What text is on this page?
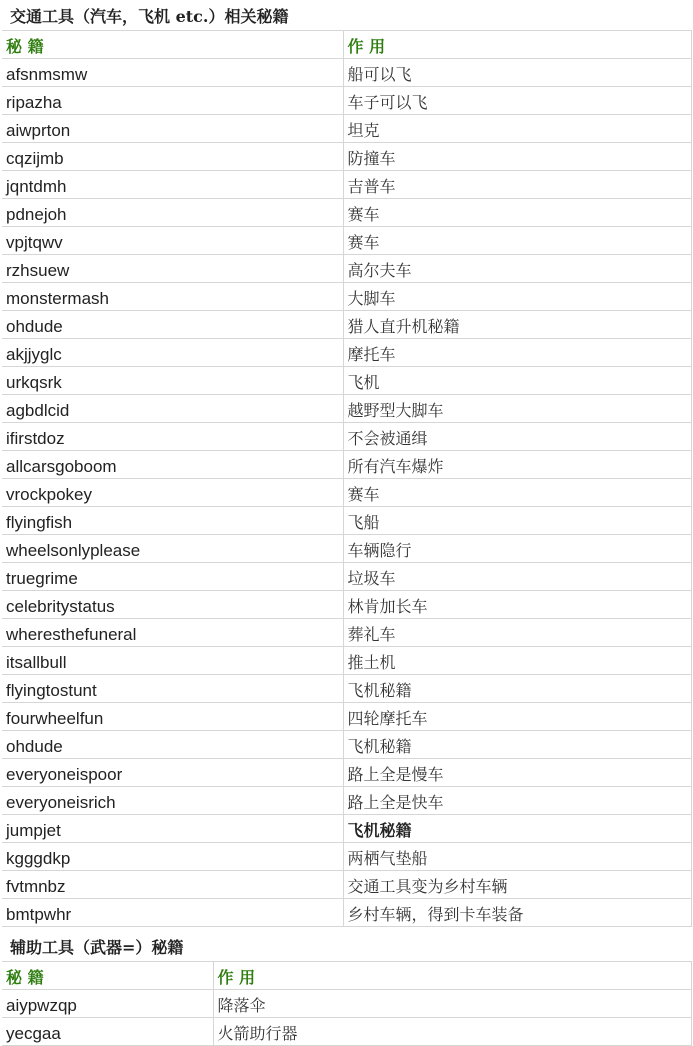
交通工具（汽车，飞机 etc.）相关秘籍
秘 籍	作 用
afsnmsmw	船可以飞
ripazha	车子可以飞
aiwprton	坦克
cqzijmb	防撞车
jqntdmh	吉普车
pdnejoh	赛车
vpjtqwv	赛车
rzhsuew	高尔夫车
monstermash	大脚车
ohdude	猎人直升机秘籍
akjjyglc	摩托车
urkqsrk	飞机
agbdlcid	越野型大脚车
ifirstdoz	不会被通缉
allcarsgoboom	所有汽车爆炸
vrockpokey	赛车
flyingfish	飞船
wheelsonlyplease	车辆隐行
truegrime	垃圾车
celebritystatus	林肯加长车
wheresthefuneral	葬礼车
itsallbull	推土机
flyingtostunt	飞机秘籍
fourwheelfun	四轮摩托车
ohdude	飞机秘籍
everyoneispoor	路上全是慢车
everyoneisrich	路上全是快车
jumpjet	飞机秘籍
kgggdkp	两栖气垫船
fvtmnbz	交通工具变为乡村车辆
bmtpwhr	乡村车辆，得到卡车装备
辅助工具（武器=）秘籍
秘 籍	作 用
aiypwzqp	降落伞
yecgaa	火箭助行器
